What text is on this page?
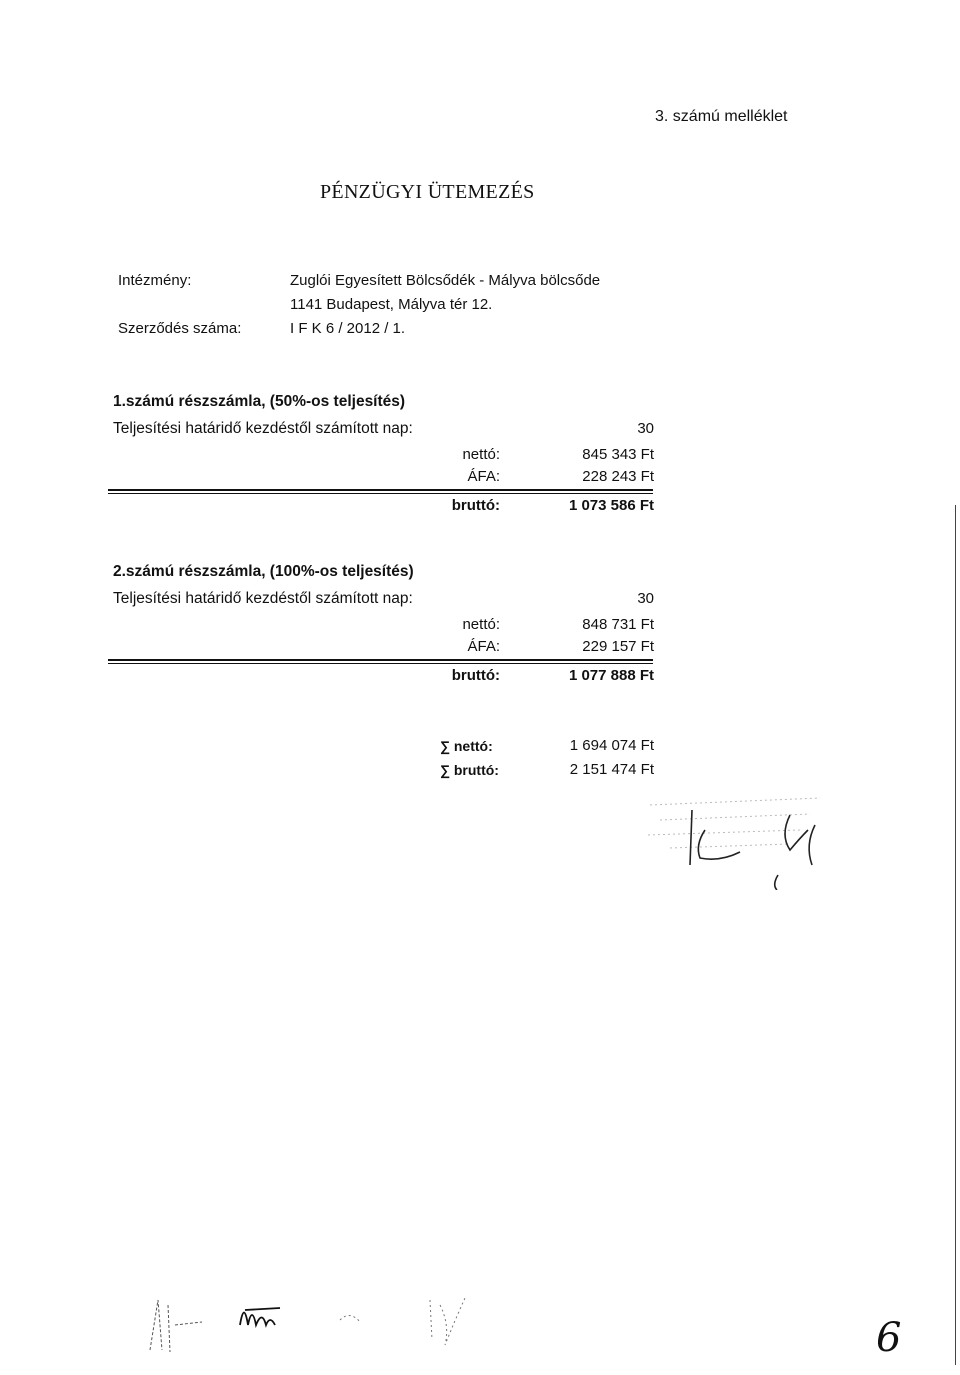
3. számú melléklet
PÉNZÜGYI ÜTEMEZÉS
Intézmény:	Zuglói Egyesített Bölcsődék - Mályva bölcsőde
1141 Budapest, Mályva tér 12.
Szerződés száma:	I F K 6 / 2012 / 1.
1.számú részszámla, (50%-os teljesítés)
Teljesítési határidő kezdéstől számított nap:	30
nettó:	845 343 Ft
ÁFA:	228 243 Ft
bruttó:	1 073 586 Ft
2.számú részszámla, (100%-os teljesítés)
Teljesítési határidő kezdéstől számított nap:	30
nettó:	848 731 Ft
ÁFA:	229 157 Ft
bruttó:	1 077 888 Ft
∑ nettó:	1 694 074 Ft
∑ bruttó:	2 151 474 Ft
6
